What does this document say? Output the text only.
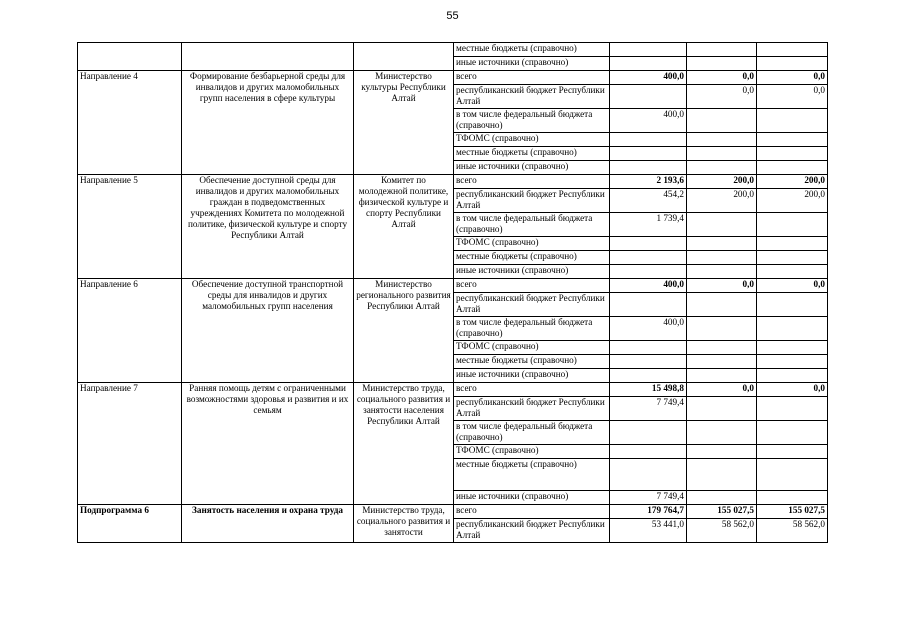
55
			местные бюджеты (справочно)			
			иные источники (справочно)			
Направление 4	Формирование безбарьерной среды для инвалидов и других маломобильных групп населения в сфере культуры	Министерство культуры Республики Алтай	всего	400,0	0,0	0,0
			республиканский бюджет Республики Алтай		0,0	0,0
			в том числе федеральный бюджета (справочно)	400,0		
			ТФОМС (справочно)			
			местные бюджеты (справочно)			
			иные источники (справочно)			
Направление 5	Обеспечение доступной среды для инвалидов и других маломобильных граждан в подведомственных учреждениях Комитета по молодежной политике, физической культуре и спорту Республики Алтай	Комитет по молодежной политике, физической культуре и спорту Республики Алтай	всего	2 193,6	200,0	200,0
			республиканский бюджет Республики Алтай	454,2	200,0	200,0
			в том числе федеральный бюджета (справочно)	1 739,4		
			ТФОМС (справочно)			
			местные бюджеты (справочно)			
			иные источники (справочно)			
Направление 6	Обеспечение доступной транспортной среды для инвалидов и других маломобильных групп населения	Министерство регионального развития Республики Алтай	всего	400,0	0,0	0,0
			республиканский бюджет Республики Алтай			
			в том числе федеральный бюджета (справочно)	400,0		
			ТФОМС (справочно)			
			местные бюджеты (справочно)			
			иные источники (справочно)			
Направление 7	Ранняя помощь детям с ограниченными возможностями здоровья и развития и их семьям	Министерство труда, социального развития и занятости населения Республики Алтай	всего	15 498,8	0,0	0,0
			республиканский бюджет Республики Алтай	7 749,4		
			в том числе федеральный бюджета (справочно)			
			ТФОМС (справочно)			
			местные бюджеты (справочно)			
			иные источники (справочно)	7 749,4		
Подпрограмма 6	Занятость населения и охрана труда	Министерство труда, социального развития и занятости	всего	179 764,7	155 027,5	155 027,5
			республиканский бюджет Республики Алтай	53 441,0	58 562,0	58 562,0
